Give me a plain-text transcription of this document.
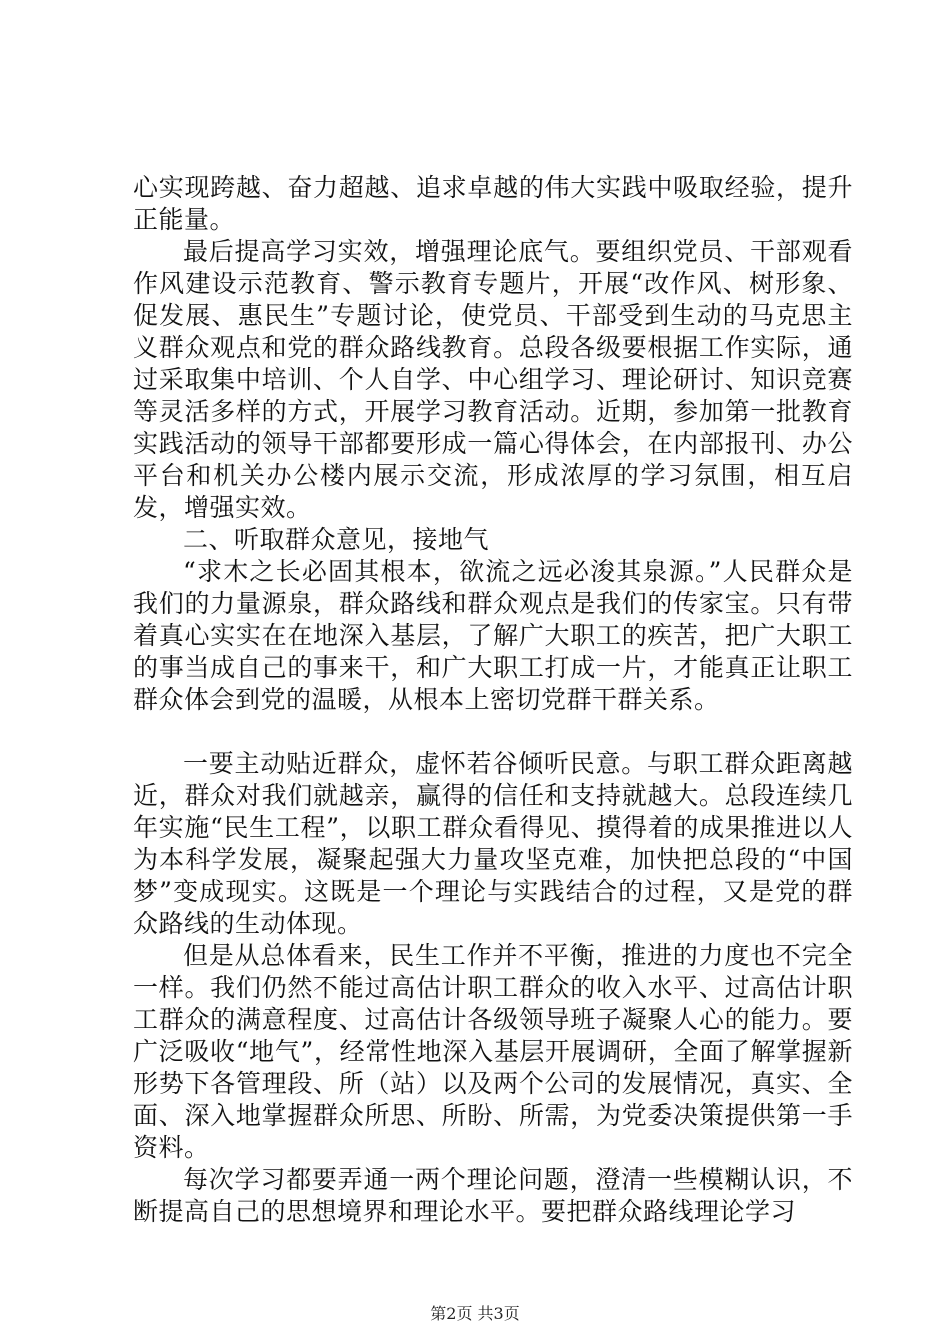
心实现跨越、奋力超越、追求卓越的伟大实践中吸取经验，提升正能量。

最后提高学习实效，增强理论底气。要组织党员、干部观看作风建设示范教育、警示教育专题片，开展“改作风、树形象、促发展、惠民生”专题讨论，使党员、干部受到生动的马克思主义群众观点和党的群众路线教育。总段各级要根据工作实际，通过采取集中培训、个人自学、中心组学习、理论研讨、知识竞赛等灵活多样的方式，开展学习教育活动。近期，参加第一批教育实践活动的领导干部都要形成一篇心得体会，在内部报刊、办公平台和机关办公楼内展示交流，形成浓厚的学习氛围，相互启发，增强实效。

二、听取群众意见，接地气

“求木之长必固其根本，欲流之远必浚其泉源。”人民群众是我们的力量源泉，群众路线和群众观点是我们的传家宝。只有带着真心实实在在地深入基层，了解广大职工的疾苦，把广大职工的事当成自己的事来干，和广大职工打成一片，才能真正让职工群众体会到党的温暖，从根本上密切党群干群关系。

一要主动贴近群众，虚怀若谷倾听民意。与职工群众距离越近，群众对我们就越亲，赢得的信任和支持就越大。总段连续几年实施“民生工程”，以职工群众看得见、摸得着的成果推进以人为本科学发展，凝聚起强大力量攻坚克难，加快把总段的“中国梦”变成现实。这既是一个理论与实践结合的过程，又是党的群众路线的生动体现。

但是从总体看来，民生工作并不平衡，推进的力度也不完全一样。我们仍然不能过高估计职工群众的收入水平、过高估计职工群众的满意程度、过高估计各级领导班子凝聚人心的能力。要广泛吸收“地气”，经常性地深入基层开展调研，全面了解掌握新形势下各管理段、所（站）以及两个公司的发展情况，真实、全面、深入地掌握群众所思、所盼、所需，为党委决策提供第一手资料。

每次学习都要弄通一两个理论问题，澄清一些模糊认识，不断提高自己的思想境界和理论水平。要把群众路线理论学习

第2页 共3页
